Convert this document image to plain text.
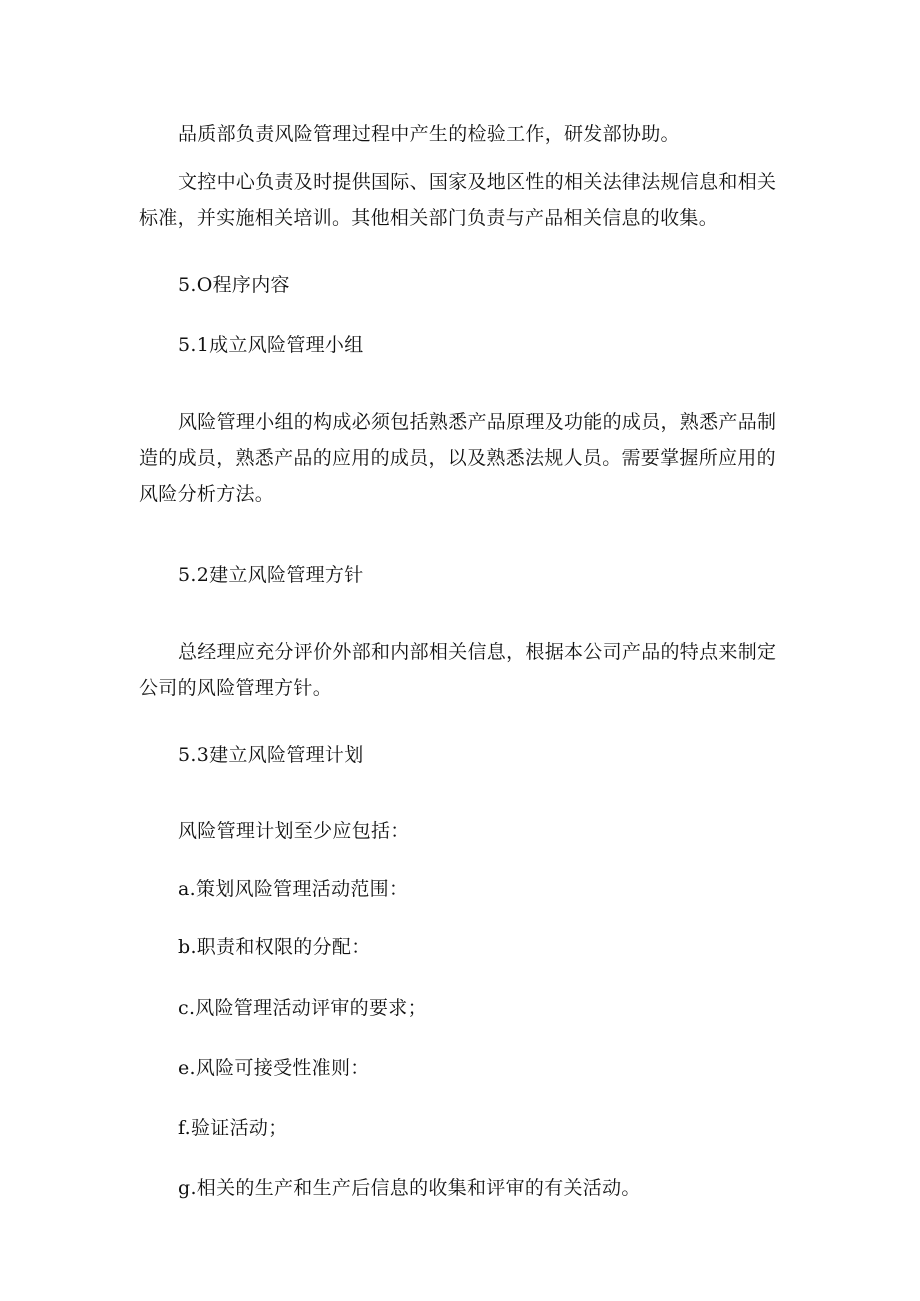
品质部负责风险管理过程中产生的检验工作，研发部协助。

文控中心负责及时提供国际、国家及地区性的相关法律法规信息和相关标准，并实施相关培训。其他相关部门负责与产品相关信息的收集。

5.O程序内容

5.1成立风险管理小组

风险管理小组的构成必须包括熟悉产品原理及功能的成员，熟悉产品制造的成员，熟悉产品的应用的成员，以及熟悉法规人员。需要掌握所应用的风险分析方法。

5.2建立风险管理方针

总经理应充分评价外部和内部相关信息，根据本公司产品的特点来制定公司的风险管理方针。

5.3建立风险管理计划

风险管理计划至少应包括：

a.策划风险管理活动范围：

b.职责和权限的分配：

c.风险管理活动评审的要求；

e.风险可接受性准则：

f.验证活动；

g.相关的生产和生产后信息的收集和评审的有关活动。
